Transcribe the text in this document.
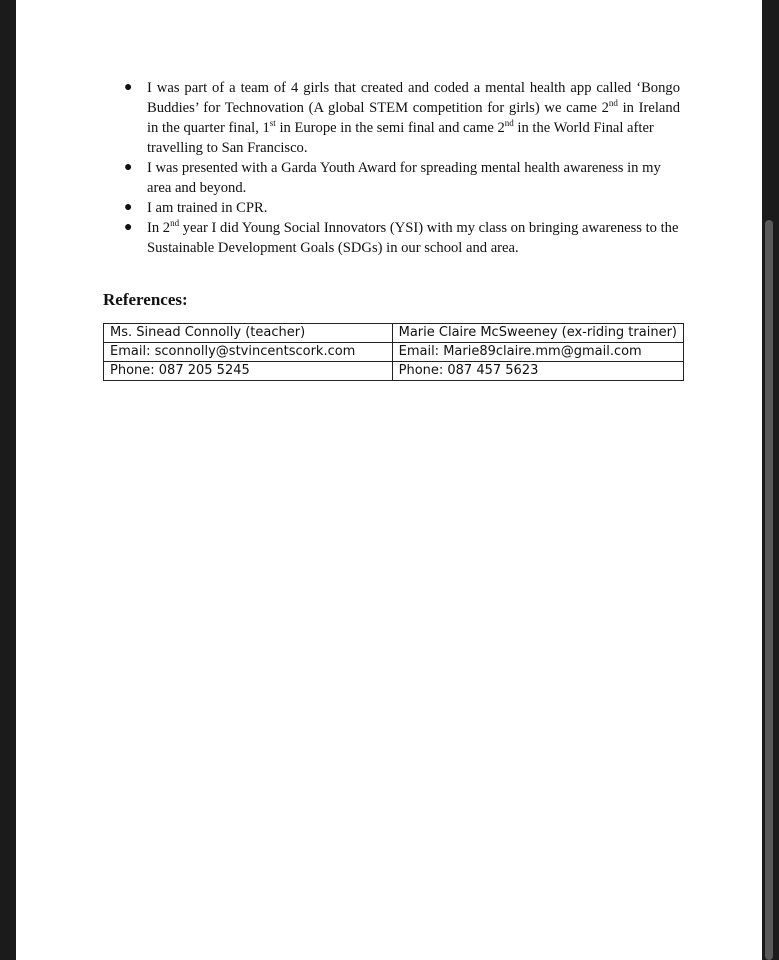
● I was part of a team of 4 girls that created and coded a mental health app called ‘Bongo Buddies’ for Technovation (A global STEM competition for girls) we came 2nd in Ireland in the quarter final, 1st in Europe in the semi final and came 2nd in the World Final after
travelling to San Francisco.
● I was presented with a Garda Youth Award for spreading mental health awareness in my area and beyond.
● I am trained in CPR.
● In 2nd year I did Young Social Innovators (YSI) with my class on bringing awareness to the Sustainable Development Goals (SDGs) in our school and area.
References:
Ms. Sinead Connolly (teacher)	Marie Claire McSweeney (ex-riding trainer)
Email: sconnolly@stvincentscork.com	Email: Marie89claire.mm@gmail.com
Phone: 087 205 5245	Phone: 087 457 5623
